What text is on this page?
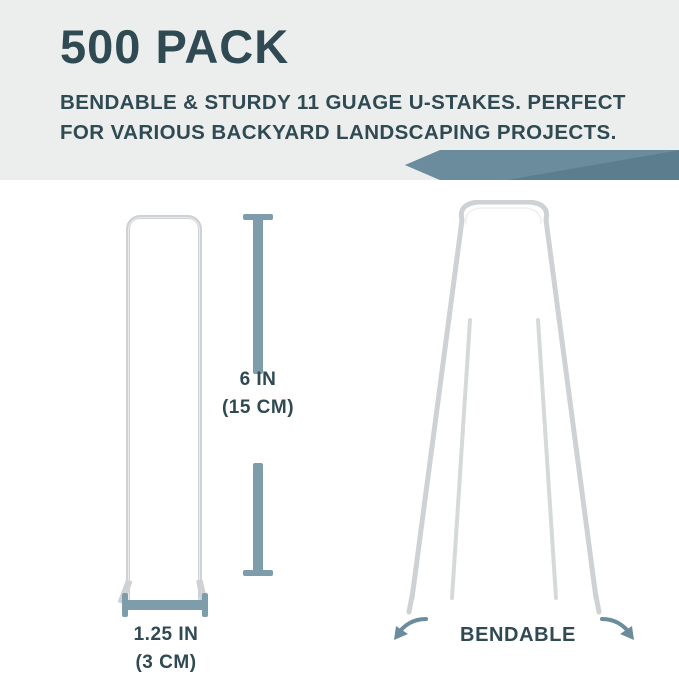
500 PACK
BENDABLE & STURDY 11 GUAGE U-STAKES. PERFECT
FOR VARIOUS BACKYARD LANDSCAPING PROJECTS.
6 IN
(15 CM)
1.25 IN
(3 CM)
BENDABLE
